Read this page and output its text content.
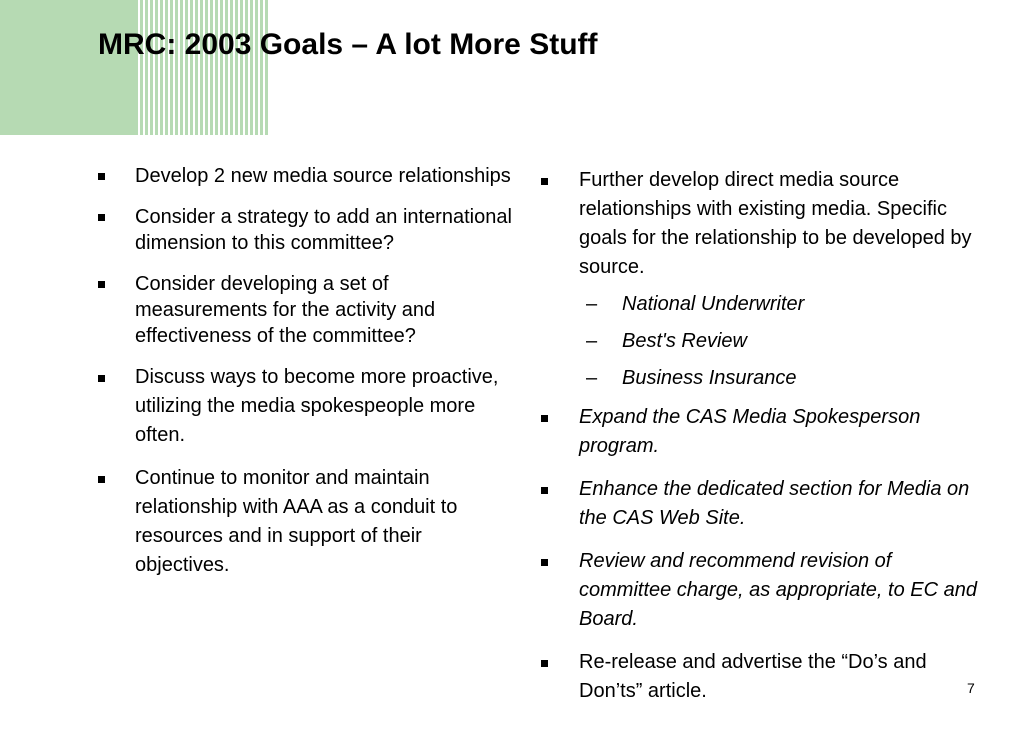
MRC: 2003 Goals – A lot More Stuff
Develop 2 new media source relationships
Consider a strategy to add an international dimension to this committee?
Consider developing a set of measurements for the activity and effectiveness of the committee?
Discuss ways to become more proactive, utilizing the media spokespeople more often.
Continue to monitor and maintain relationship with AAA as a conduit to resources and in support of their objectives.
Further develop direct media source relationships with existing media. Specific goals for the relationship to be developed by source.
– National Underwriter
– Best's Review
– Business Insurance
Expand the CAS Media Spokesperson program.
Enhance the dedicated section for Media on the CAS Web Site.
Review and recommend revision of committee charge, as appropriate, to EC and Board.
Re-release and advertise the “Do’s and Don’ts” article.	7
